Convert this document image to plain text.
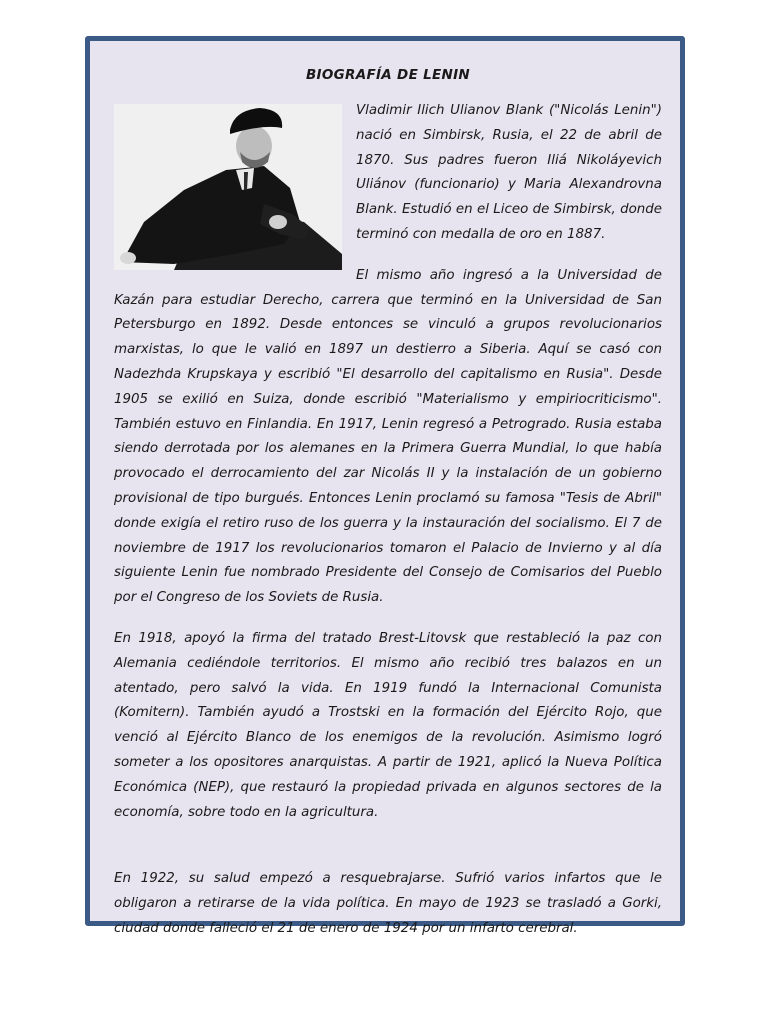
BIOGRAFÍA DE LENIN

Vladimir Ilich Ulianov Blank ("Nicolás Lenin") nació en Simbirsk, Rusia, el 22 de abril de 1870. Sus padres fueron Iliá Nikoláyevich Uliánov (funcionario) y Maria Alexandrovna Blank. Estudió en el Liceo de Simbirsk, donde terminó con medalla de oro en 1887.

El mismo año ingresó a la Universidad de Kazán para estudiar Derecho, carrera que terminó en la Universidad de San Petersburgo en 1892. Desde entonces se vinculó a grupos revolucionarios marxistas, lo que le valió en 1897 un destierro a Siberia. Aquí se casó con Nadezhda Krupskaya y escribió "El desarrollo del capitalismo en Rusia". Desde 1905 se exilió en Suiza, donde escribió "Materialismo y empiriocriticismo". También estuvo en Finlandia. En 1917, Lenin regresó a Petrogrado. Rusia estaba siendo derrotada por los alemanes en la Primera Guerra Mundial, lo que había provocado el derrocamiento del zar Nicolás II y la instalación de un gobierno provisional de tipo burgués. Entonces Lenin proclamó su famosa "Tesis de Abril" donde exigía el retiro ruso de los guerra y la instauración del socialismo. El 7 de noviembre de 1917 los revolucionarios tomaron el Palacio de Invierno y al día siguiente Lenin fue nombrado Presidente del Consejo de Comisarios del Pueblo por el Congreso de los Soviets de Rusia.

En 1918, apoyó la firma del tratado Brest-Litovsk que restableció la paz con Alemania cediéndole territorios. El mismo año recibió tres balazos en un atentado, pero salvó la vida. En 1919 fundó la Internacional Comunista (Komitern). También ayudó a Trostski en la formación del Ejército Rojo, que venció al Ejército Blanco de los enemigos de la revolución. Asimismo logró someter a los opositores anarquistas. A partir de 1921, aplicó la Nueva Política Económica (NEP), que restauró la propiedad privada en algunos sectores de la economía, sobre todo en la agricultura.

En 1922, su salud empezó a resquebrajarse. Sufrió varios infartos que le obligaron a retirarse de la vida política. En mayo de 1923 se trasladó a Gorki, ciudad donde falleció el 21 de enero de 1924 por un infarto cerebral.
